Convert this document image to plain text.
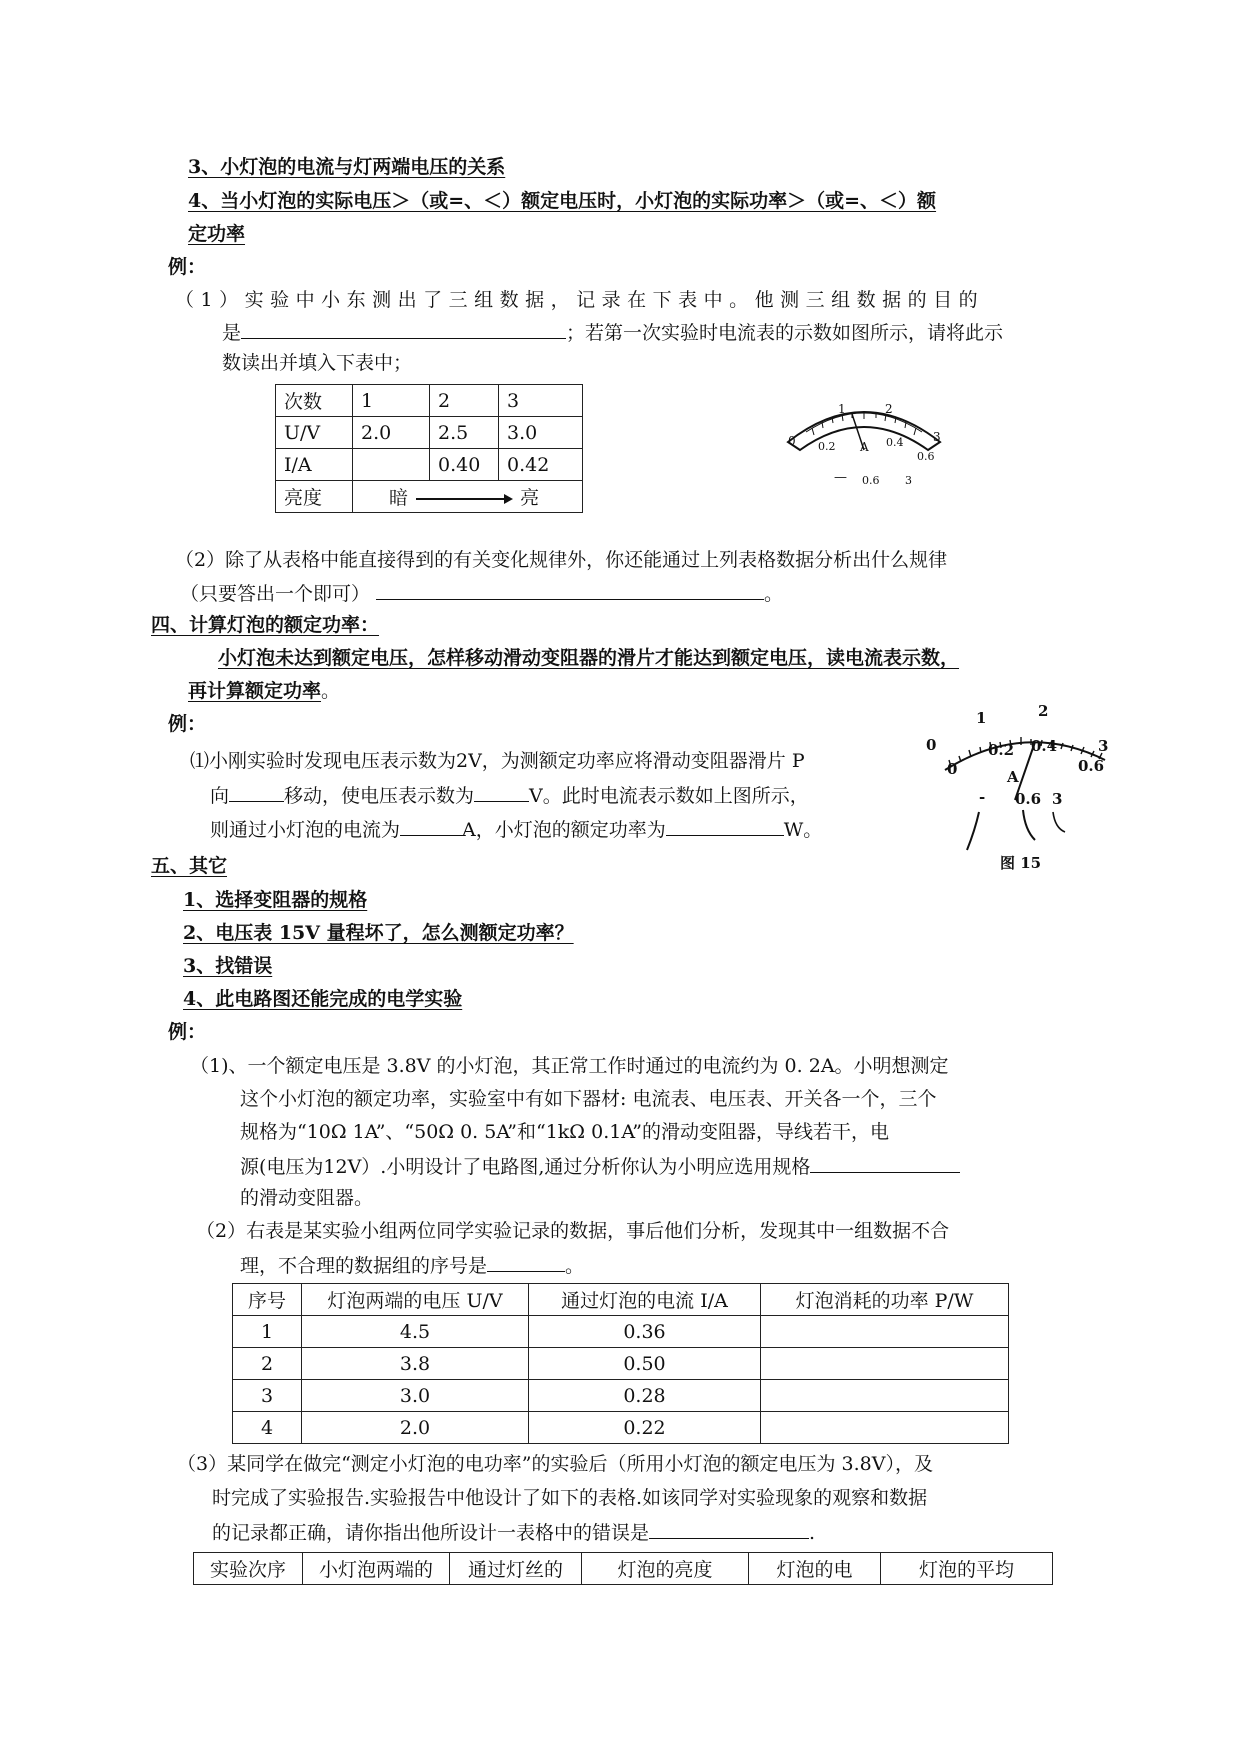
3、小灯泡的电流与灯两端电压的关系
4、当小灯泡的实际电压＞（或=、＜）额定电压时，小灯泡的实际功率＞（或=、＜）额
定功率
例：
（1）实验中小东测出了三组数据，记录在下表中。他测三组数据的目的
是	；若第一次实验时电流表的示数如图所示，请将此示
数读出并填入下表中；
次数	1	2	3
U/V	2.0	2.5	3.0
I/A		0.40	0.42
亮度	暗 亮		
0
1	2
3
0.2	0.4
0.6
A
— 0.6 3
（2）除了从表格中能直接得到的有关变化规律外，你还能通过上列表格数据分析出什么规律
（只要答出一个即可）	。
四、计算灯泡的额定功率：
小灯泡未达到额定电压，怎样移动滑动变阻器的滑片才能达到额定电压，读电流表示数，
再计算额定功率。
例：
⑴小刚实验时发现电压表示数为2V，为测额定功率应将滑动变阻器滑片 P
向	移动，使电压表示数为	V。此时电流表示数如上图所示，
则通过小灯泡的电流为	A，小灯泡的额定功率为	W。
0
1	2
3
0
0.2 0.4
0.6
A
- 0.6 3
图 15
五、其它
1、选择变阻器的规格
2、电压表 15V 量程坏了，怎么测额定功率？
3、找错误
4、此电路图还能完成的电学实验
例：
（1)、一个额定电压是 3.8V 的小灯泡，其正常工作时通过的电流约为 0. 2A。小明想测定
这个小灯泡的额定功率，实验室中有如下器材: 电流表、电压表、开关各一个，三个
规格为“10Ω 1A”、“50Ω 0. 5A”和“1kΩ 0.1A”的滑动变阻器，导线若干，电
源(电压为12V）.小明设计了电路图,通过分析你认为小明应选用规格
的滑动变阻器。
（2）右表是某实验小组两位同学实验记录的数据，事后他们分析，发现其中一组数据不合
理，不合理的数据组的序号是	。
序号	灯泡两端的电压 U/V	通过灯泡的电流 I/A	灯泡消耗的功率 P/W
1	4.5	0.36	
2	3.8	0.50	
3	3.0	0.28	
4	2.0	0.22	
（3）某同学在做完“测定小灯泡的电功率”的实验后（所用小灯泡的额定电压为 3.8V），及
时完成了实验报告.实验报告中他设计了如下的表格.如该同学对实验现象的观察和数据
的记录都正确，请你指出他所设计一表格中的错误是	.
实验次序	小灯泡两端的	通过灯丝的	灯泡的亮度	灯泡的电	灯泡的平均
